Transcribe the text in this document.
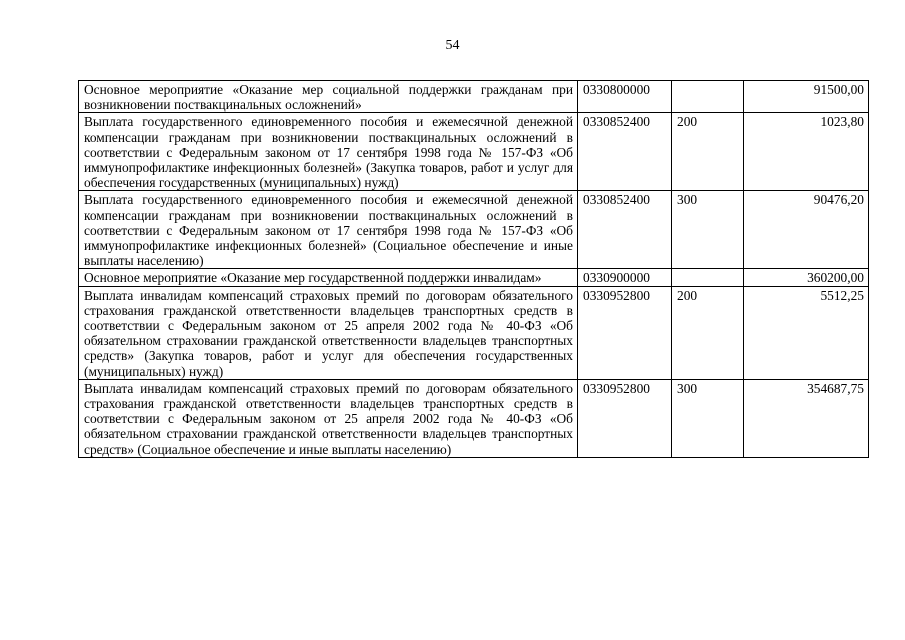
54
Основное мероприятие «Оказание мер социальной поддержки гражданам при возникновении поствакцинальных осложнений»	0330800000		91500,00
Выплата государственного единовременного пособия и ежемесячной денежной компенсации гражданам при возникновении поствакцинальных осложнений в соответствии с Федеральным законом от 17 сентября 1998 года № 157-ФЗ «Об иммунопрофилактике инфекционных болезней» (Закупка товаров, работ и услуг для обеспечения государственных (муниципальных) нужд)	0330852400	200	1023,80
Выплата государственного единовременного пособия и ежемесячной денежной компенсации гражданам при возникновении поствакцинальных осложнений в соответствии с Федеральным законом от 17 сентября 1998 года № 157-ФЗ «Об иммунопрофилактике инфекционных болезней» (Социальное обеспечение и иные выплаты населению)	0330852400	300	90476,20
Основное мероприятие «Оказание мер государственной поддержки инвалидам»	0330900000		360200,00
Выплата инвалидам компенсаций страховых премий по договорам обязательного страхования гражданской ответственности владельцев транспортных средств в соответствии с Федеральным законом от 25 апреля 2002 года № 40-ФЗ «Об обязательном страховании гражданской ответственности владельцев транспортных средств» (Закупка товаров, работ и услуг для обеспечения государственных (муниципальных) нужд)	0330952800	200	5512,25
Выплата инвалидам компенсаций страховых премий по договорам обязательного страхования гражданской ответственности владельцев транспортных средств в соответствии с Федеральным законом от 25 апреля 2002 года № 40-ФЗ «Об обязательном страховании гражданской ответственности владельцев транспортных средств» (Социальное обеспечение и иные выплаты населению)	0330952800	300	354687,75
